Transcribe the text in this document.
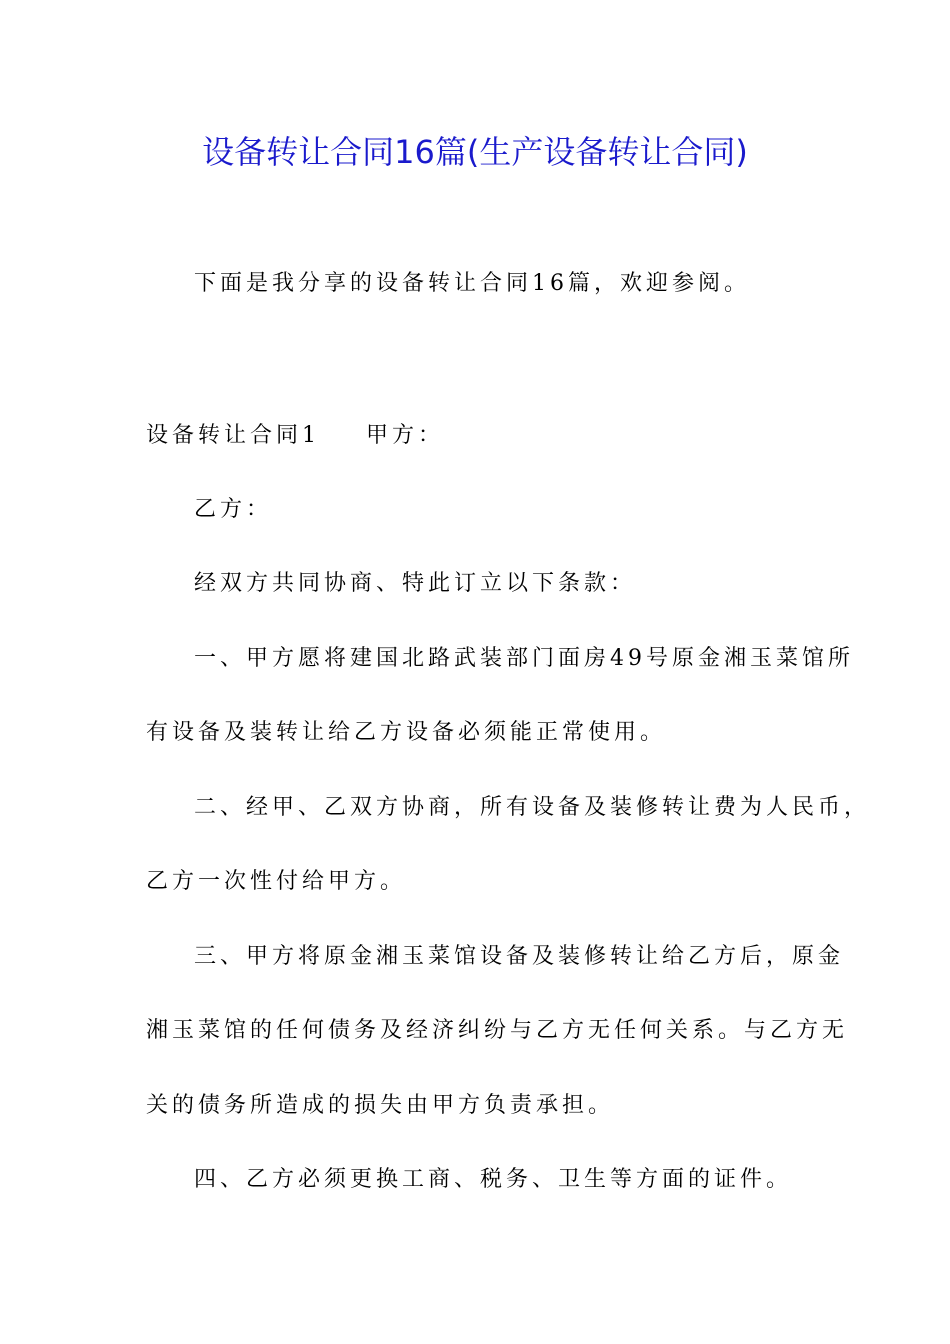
设备转让合同16篇(生产设备转让合同)
下面是我分享的设备转让合同16篇，欢迎参阅。
设备转让合同1 甲方：
乙方：
经双方共同协商、特此订立以下条款：
一、甲方愿将建国北路武装部门面房49号原金湘玉菜馆所
有设备及装转让给乙方设备必须能正常使用。
二、经甲、乙双方协商，所有设备及装修转让费为人民币，
乙方一次性付给甲方。
三、甲方将原金湘玉菜馆设备及装修转让给乙方后，原金
湘玉菜馆的任何债务及经济纠纷与乙方无任何关系。与乙方无
关的债务所造成的损失由甲方负责承担。
四、乙方必须更换工商、税务、卫生等方面的证件。
